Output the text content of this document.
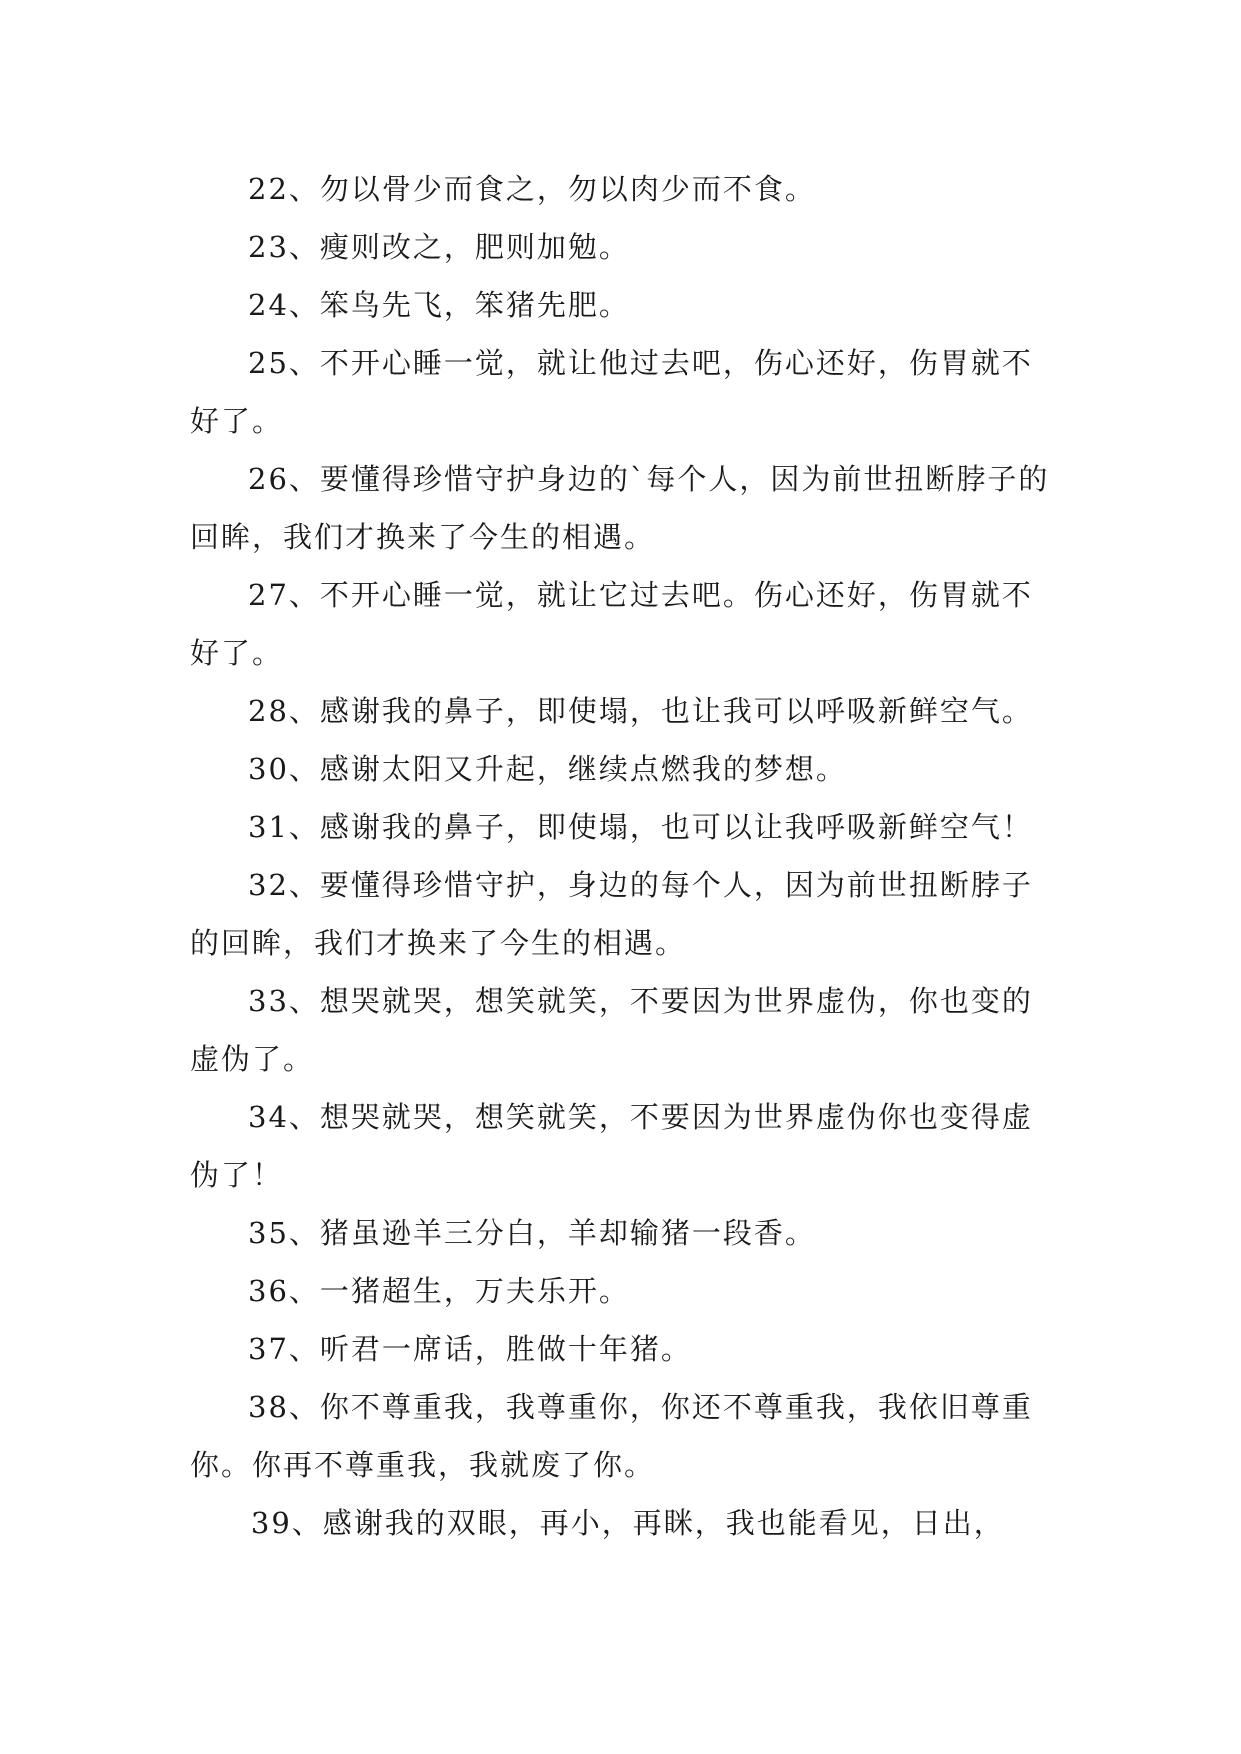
22、勿以骨少而食之，勿以肉少而不食。

23、瘦则改之，肥则加勉。

24、笨鸟先飞，笨猪先肥。

25、不开心睡一觉，就让他过去吧，伤心还好，伤胃就不好了。

26、要懂得珍惜守护身边的`每个人，因为前世扭断脖子的回眸，我们才换来了今生的相遇。

27、不开心睡一觉，就让它过去吧。伤心还好，伤胃就不好了。

28、感谢我的鼻子，即使塌，也让我可以呼吸新鲜空气。

30、感谢太阳又升起，继续点燃我的梦想。

31、感谢我的鼻子，即使塌，也可以让我呼吸新鲜空气！

32、要懂得珍惜守护，身边的每个人，因为前世扭断脖子的回眸，我们才换来了今生的相遇。

33、想哭就哭，想笑就笑，不要因为世界虚伪，你也变的虚伪了。

34、想哭就哭，想笑就笑，不要因为世界虚伪你也变得虚伪了！

35、猪虽逊羊三分白，羊却输猪一段香。

36、一猪超生，万夫乐开。

37、听君一席话，胜做十年猪。

38、你不尊重我，我尊重你，你还不尊重我，我依旧尊重你。你再不尊重我，我就废了你。

39、感谢我的双眼，再小，再眯，我也能看见，日出，
